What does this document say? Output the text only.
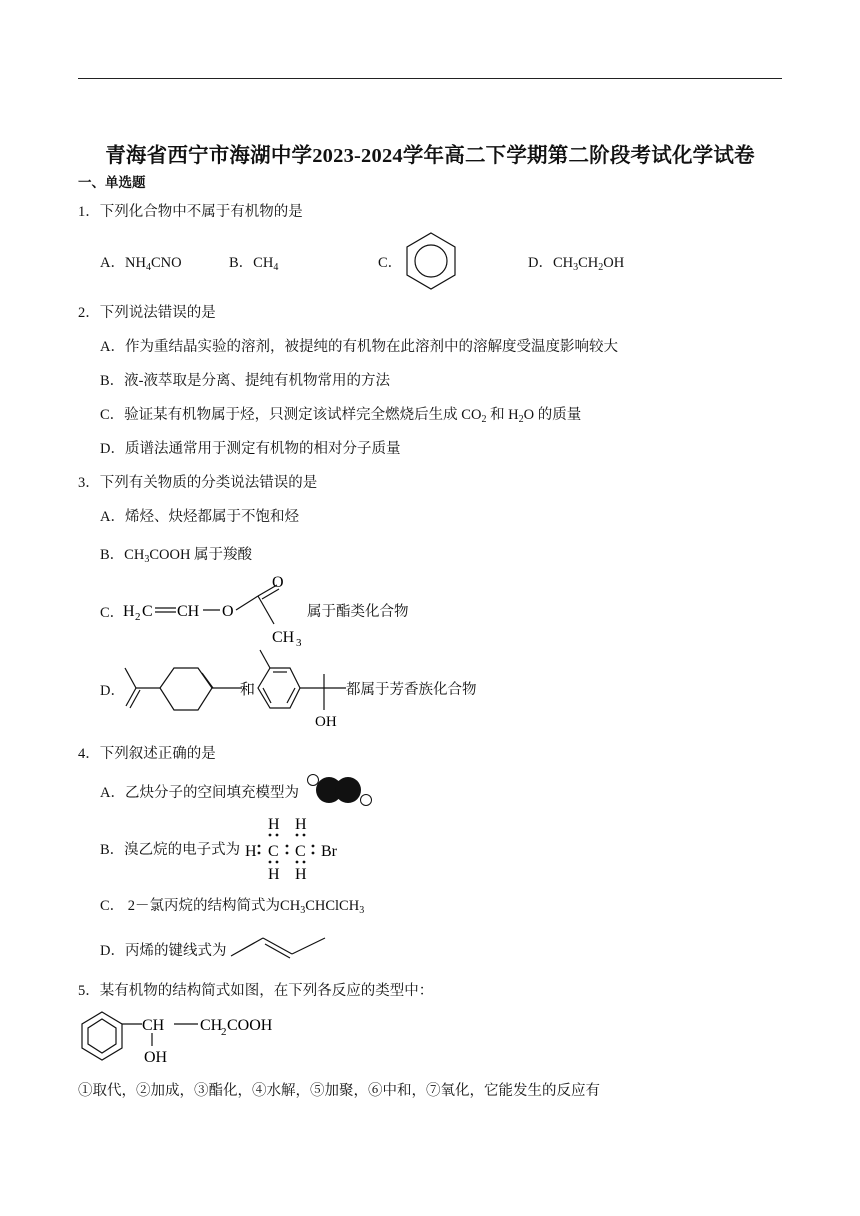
青海省西宁市海湖中学2023-2024学年高二下学期第二阶段考试化学试卷
一、单选题
1．下列化合物中不属于有机物的是
A．$NH_4CNO$	B．$CH_4$	C．	D．$CH_3CH_2OH$
2．下列说法错误的是
A．作为重结晶实验的溶剂，被提纯的有机物在此溶剂中的溶解度受温度影响较大
B．液-液萃取是分离、提纯有机物常用的方法
C．验证某有机物属于烃，只测定该试样完全燃烧后生成 $CO_2$ 和 $H_2O$ 的质量
D．质谱法通常用于测定有机物的相对分子质量
3．下列有关物质的分类说法错误的是
A．烯烃、炔烃都属于不饱和烃
B．$CH_3COOH$ 属于羧酸
C．
H 2 C CH O
O
CH 3
属于酯类化合物
D．	和
OH
都属于芳香族化合物
4．下列叙述正确的是
A．乙炔分子的空间填充模型为
B．溴乙烷的电子式为
H H
H C C Br
H H
C． 2－氯丙烷的结构简式为$CH_3CHClCH_3$
D．丙烯的键线式为
5．某有机物的结构简式如图，在下列各反应的类型中：
CH CH
2 COOH
OH
①取代，②加成，③酯化，④水解，⑤加聚，⑥中和，⑦氧化，它能发生的反应有
